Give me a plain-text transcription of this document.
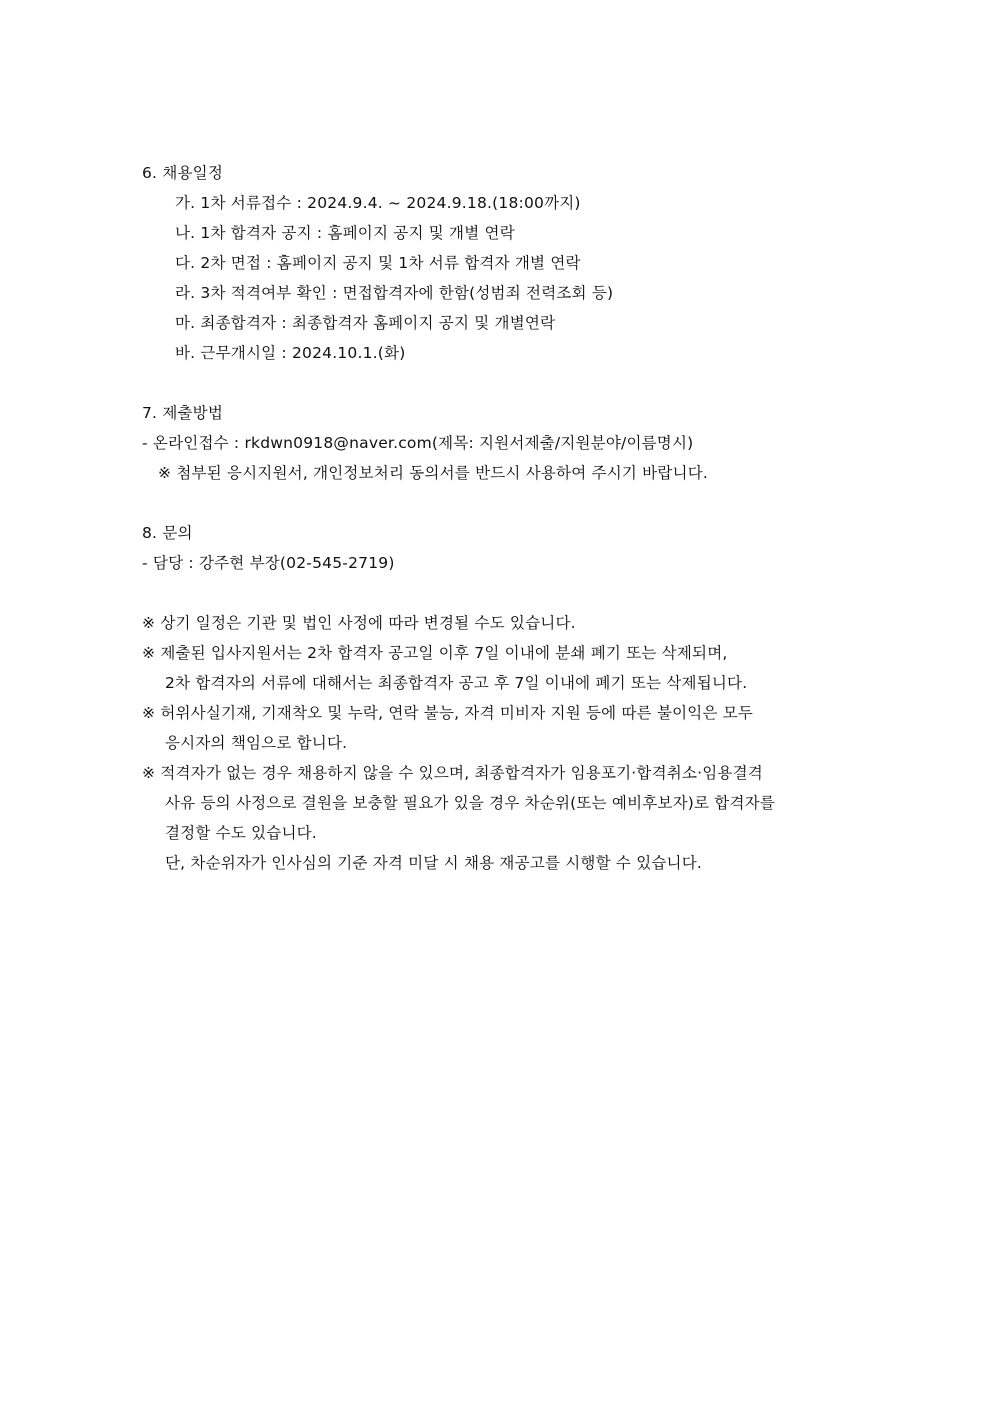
6. 채용일정
가. 1차 서류접수 : 2024.9.4. ~ 2024.9.18.(18:00까지)
나. 1차 합격자 공지 : 홈페이지 공지 및 개별 연락
다. 2차 면접 : 홈페이지 공지 및 1차 서류 합격자 개별 연락
라. 3차 적격여부 확인 : 면접합격자에 한함(성범죄 전력조회 등)
마. 최종합격자 : 최종합격자 홈페이지 공지 및 개별연락
바. 근무개시일 : 2024.10.1.(화)
7. 제출방법
- 온라인접수 : rkdwn0918@naver.com(제목: 지원서제출/지원분야/이름명시)
※ 첨부된 응시지원서, 개인정보처리 동의서를 반드시 사용하여 주시기 바랍니다.
8. 문의
- 담당 : 강주현 부장(02-545-2719)
※ 상기 일정은 기관 및 법인 사정에 따라 변경될 수도 있습니다.
※ 제출된 입사지원서는 2차 합격자 공고일 이후 7일 이내에 분쇄 폐기 또는 삭제되며,
2차 합격자의 서류에 대해서는 최종합격자 공고 후 7일 이내에 폐기 또는 삭제됩니다.
※ 허위사실기재, 기재착오 및 누락, 연락 불능, 자격 미비자 지원 등에 따른 불이익은 모두
응시자의 책임으로 합니다.
※ 적격자가 없는 경우 채용하지 않을 수 있으며, 최종합격자가 임용포기·합격취소·임용결격
사유 등의 사정으로 결원을 보충할 필요가 있을 경우 차순위(또는 예비후보자)로 합격자를
결정할 수도 있습니다.
단, 차순위자가 인사심의 기준 자격 미달 시 채용 재공고를 시행할 수 있습니다.
